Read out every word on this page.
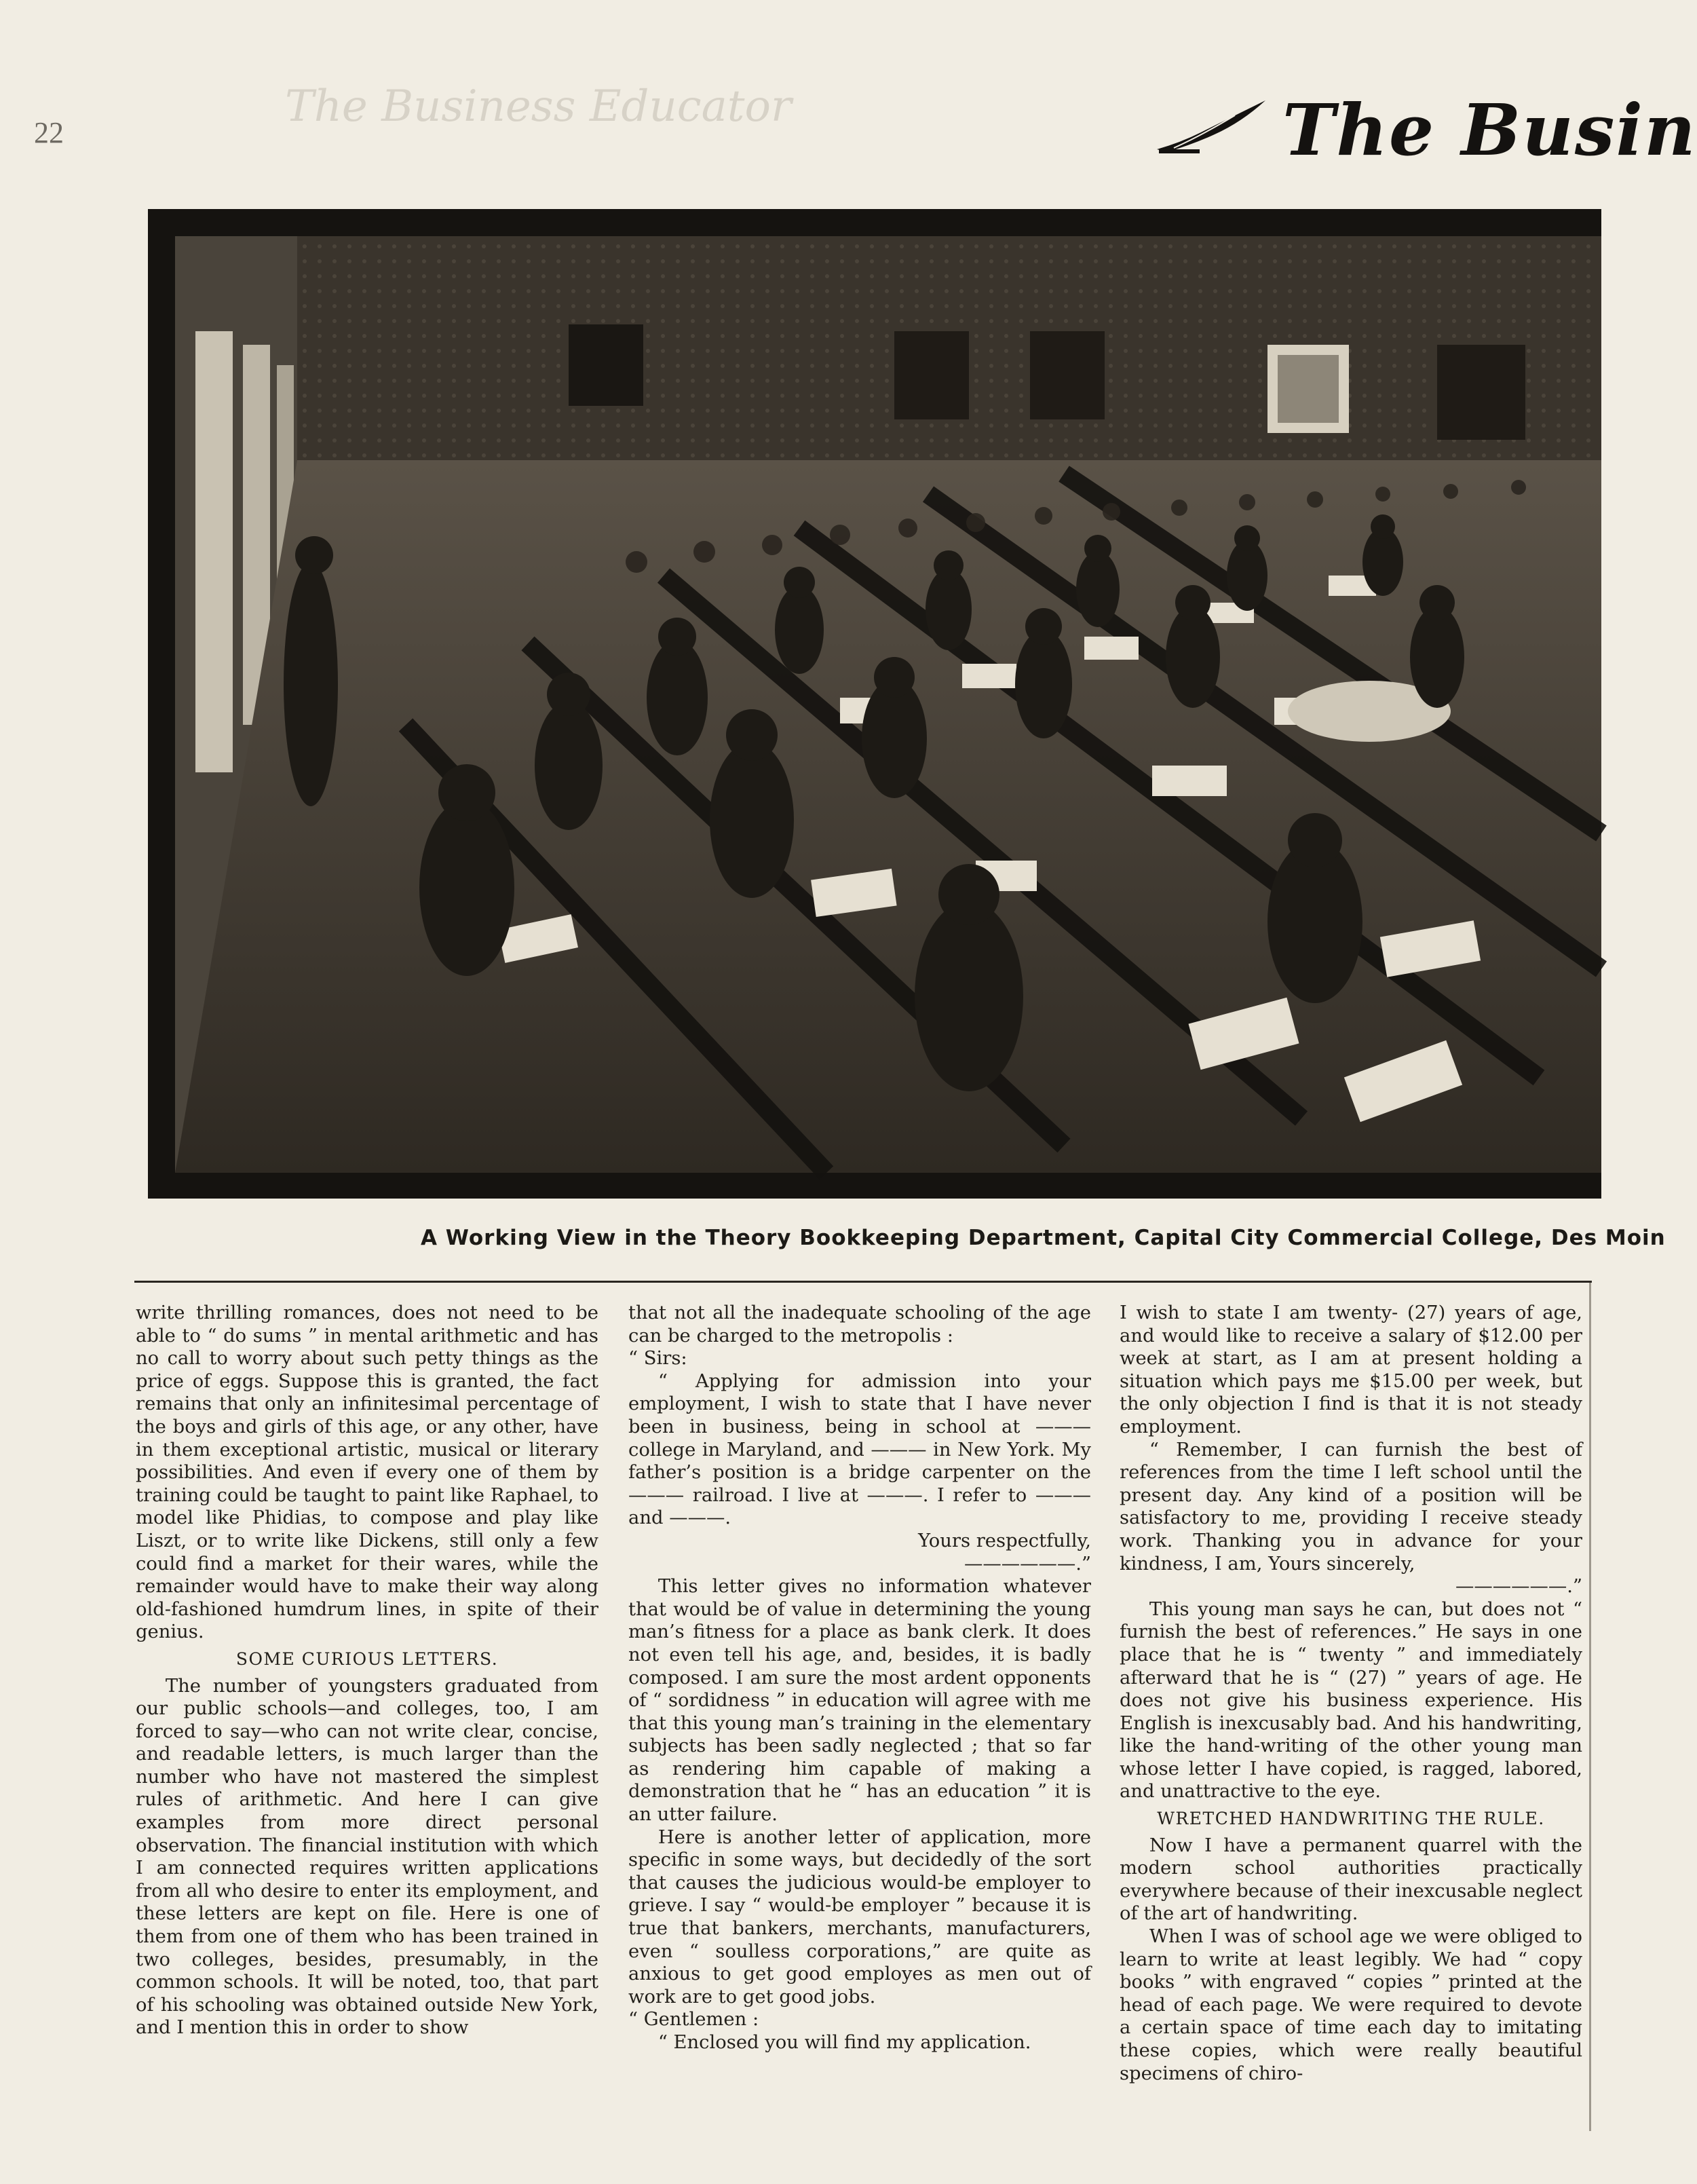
22
The Business Educator	The Busin
A Working View in the Theory Bookkeeping Department, Capital City Commercial College, Des Moin

write thrilling romances, does not need to be able to “ do sums ” in mental arithmetic and has no call to worry about such petty things as the price of eggs. Suppose this is granted, the fact remains that only an infinitesimal percentage of the boys and girls of this age, or any other, have in them exceptional artistic, musical or literary possibilities. And even if every one of them by training could be taught to paint like Raphael, to model like Phidias, to compose and play like Liszt, or to write like Dickens, still only a few could find a market for their wares, while the remainder would have to make their way along old-fashioned humdrum lines, in spite of their genius.

SOME CURIOUS LETTERS.

The number of youngsters graduated from our public schools—and colleges, too, I am forced to say—who can not write clear, concise, and readable letters, is much larger than the number who have not mastered the simplest rules of arithmetic. And here I can give examples from more direct personal observation. The financial institution with which I am connected requires written applications from all who desire to enter its employment, and these letters are kept on file. Here is one of them from one of them who has been trained in two colleges, besides, presumably, in the common schools. It will be noted, too, that part of his schooling was obtained outside New York, and I mention this in order to show

that not all the inadequate schooling of the age can be charged to the metropolis :

“ Sirs:

“ Applying for admission into your employment, I wish to state that I have never been in business, being in school at ——— college in Maryland, and ——— in New York. My father’s position is a bridge carpenter on the ——— railroad. I live at ———. I refer to ——— and ———.

Yours respectfully,

——————.”

This letter gives no information whatever that would be of value in determining the young man’s fitness for a place as bank clerk. It does not even tell his age, and, besides, it is badly composed. I am sure the most ardent opponents of “ sordidness ” in education will agree with me that this young man’s training in the elementary subjects has been sadly neglected ; that so far as rendering him capable of making a demonstration that he “ has an education ” it is an utter failure.

Here is another letter of application, more specific in some ways, but decidedly of the sort that causes the judicious would-be employer to grieve. I say “ would-be employer ” because it is true that bankers, merchants, manufacturers, even “ soulless corporations,” are quite as anxious to get good employes as men out of work are to get good jobs.

“ Gentlemen :

“ Enclosed you will find my application.

I wish to state I am twenty- (27) years of age, and would like to receive a salary of $12.00 per week at start, as I am at present holding a situation which pays me $15.00 per week, but the only objection I find is that it is not steady employment.

“ Remember, I can furnish the best of references from the time I left school until the present day. Any kind of a position will be satisfactory to me, providing I receive steady work. Thanking you in advance for your kindness, I am, Yours sincerely,

——————.”

This young man says he can, but does not “ furnish the best of references.” He says in one place that he is “ twenty ” and immediately afterward that he is “ (27) ” years of age. He does not give his business experience. His English is inexcusably bad. And his handwriting, like the hand-writing of the other young man whose letter I have copied, is ragged, labored, and unattractive to the eye.

WRETCHED HANDWRITING THE RULE.

Now I have a permanent quarrel with the modern school authorities practically everywhere because of their inexcusable neglect of the art of handwriting.

When I was of school age we were obliged to learn to write at least legibly. We had “ copy books ” with engraved “ copies ” printed at the head of each page. We were required to devote a certain space of time each day to imitating these copies, which were really beautiful specimens of chiro-
